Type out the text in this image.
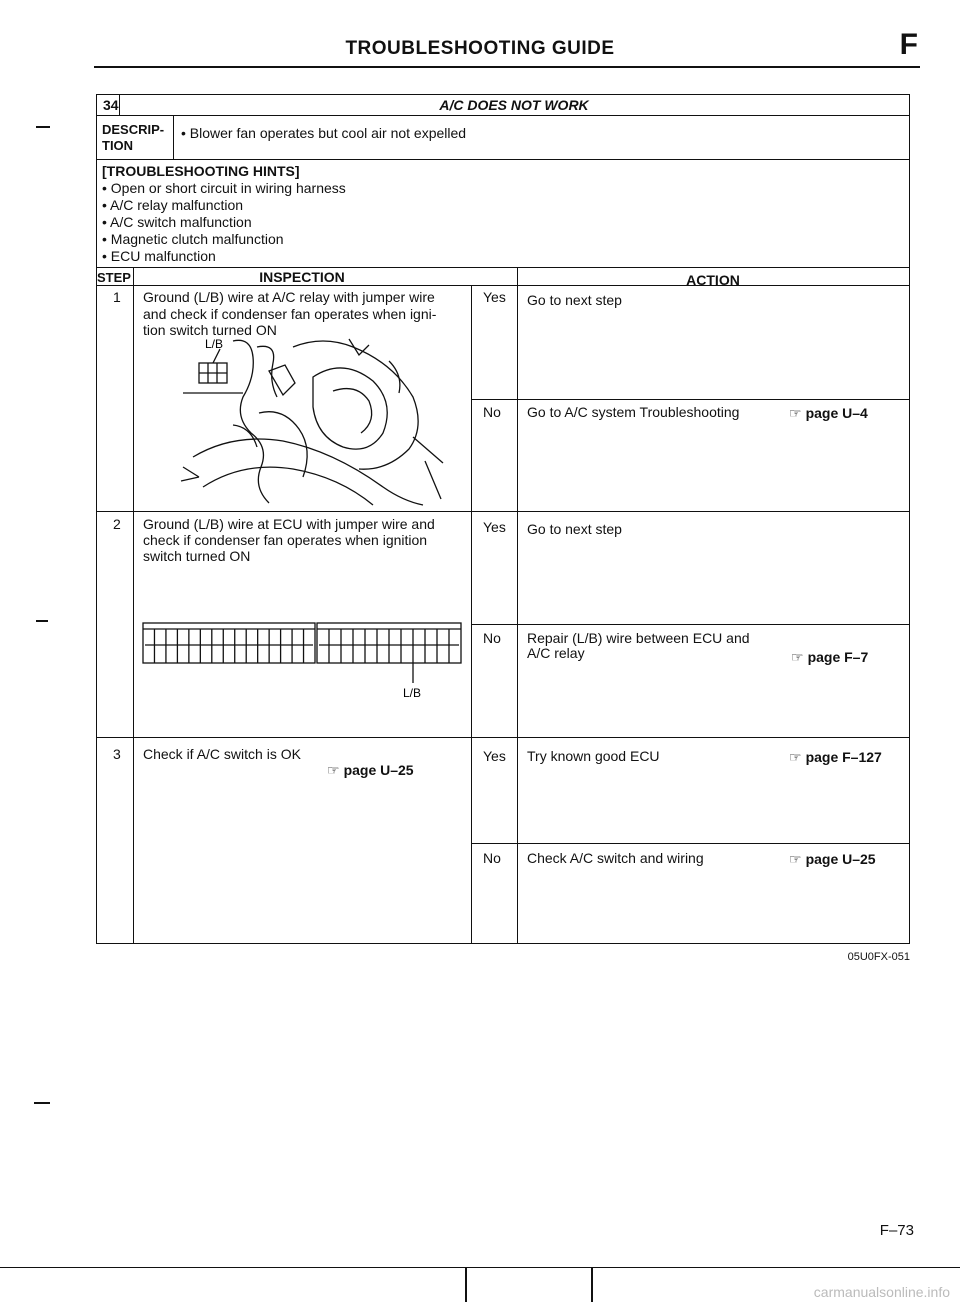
TROUBLESHOOTING GUIDE	F
34	A/C DOES NOT WORK
DESCRIP-
TION
• Blower fan operates but cool air not expelled
[TROUBLESHOOTING HINTS]
• Open or short circuit in wiring harness
• A/C relay malfunction
• A/C switch malfunction
• Magnetic clutch malfunction
• ECU malfunction
STEP	INSPECTION	ACTION
1 Ground (L/B) wire at A/C relay with jumper wire
and check if condenser fan operates when igni-
tion switch turned ON
L/B
Yes Go to next step
No Go to A/C system Troubleshooting	☞ page U–4
2 Ground (L/B) wire at ECU with jumper wire and
check if condenser fan operates when ignition
switch turned ON
L/B
Yes Go to next step
No Repair (L/B) wire between ECU and
A/C relay	☞ page F–7
3 Check if A/C switch is OK
☞ page U–25
Yes Try known good ECU	☞ page F–127
No Check A/C switch and wiring	☞ page U–25
05U0FX-051
F–73
carmanualsonline.info
